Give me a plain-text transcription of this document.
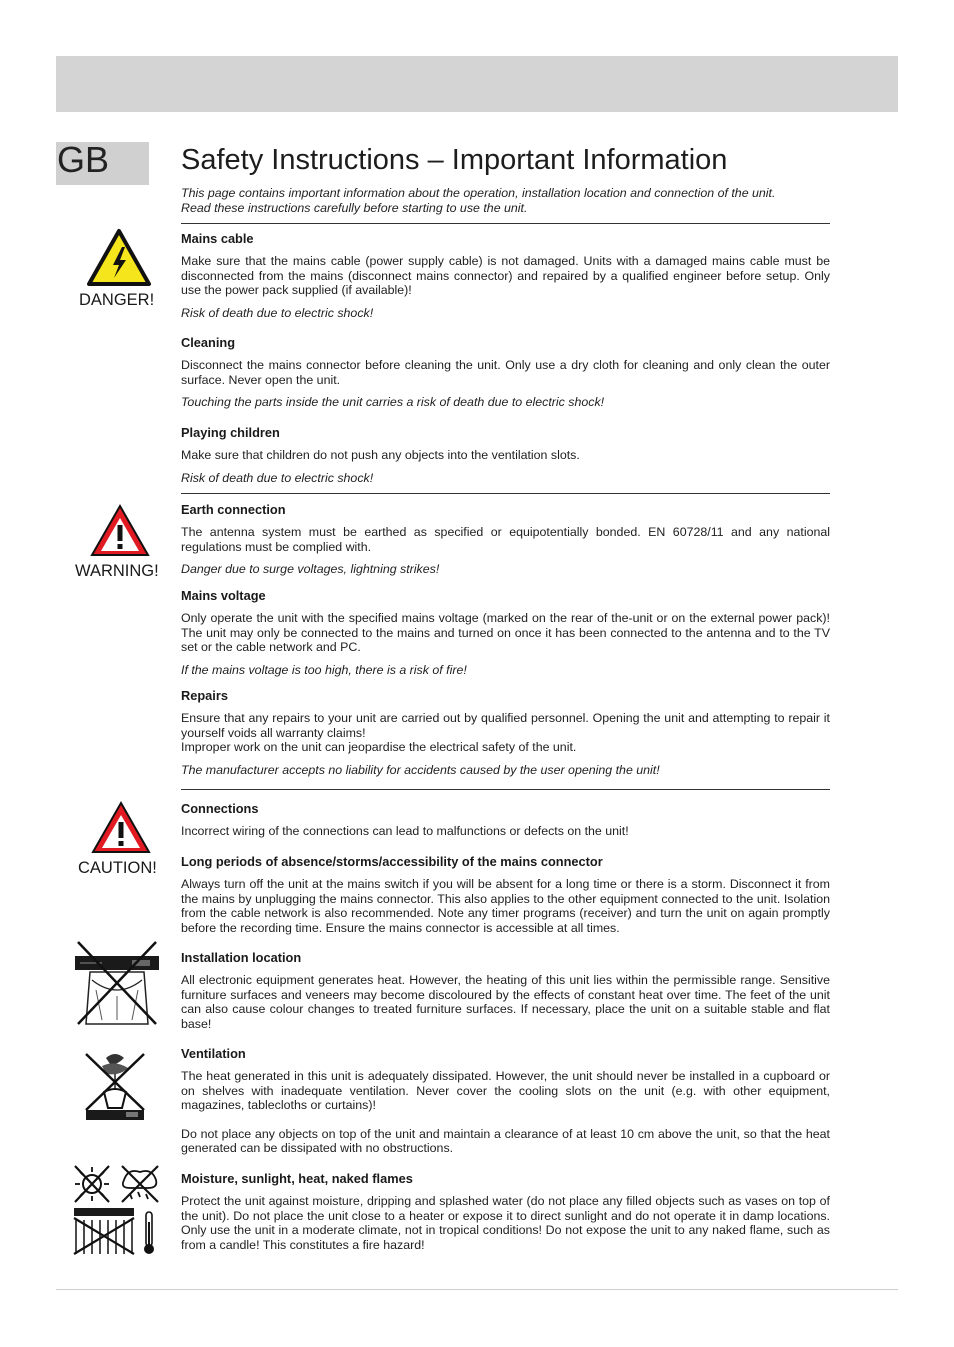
GB	Safety Instructions – Important Information
This page contains important information about the operation, installation location and connection of the unit.
Read these instructions carefully before starting to use the unit.
DANGER!
WARNING!
CAUTION!
Mains cable

Make sure that the mains cable (power supply cable) is not damaged. Units with a damaged mains cable must be disconnected from the mains (disconnect mains connector) and repaired by a qualified engineer before setup. Only use the power pack supplied (if available)!

Risk of death due to electric shock!

Cleaning

Disconnect the mains connector before cleaning the unit. Only use a dry cloth for cleaning and only clean the outer surface. Never open the unit.

Touching the parts inside the unit carries a risk of death due to electric shock!

Playing children

Make sure that children do not push any objects into the ventilation slots.

Risk of death due to electric shock!

Earth connection

The antenna system must be earthed as specified or equipotentially bonded. EN 60728/11 and any national regulations must be complied with.

Danger due to surge voltages, lightning strikes!

Mains voltage

Only operate the unit with the specified mains voltage (marked on the rear of the-unit or on the external power pack)! The unit may only be connected to the mains and turned on once it has been connected to the antenna and to the TV set or the cable network and PC.

If the mains voltage is too high, there is a risk of fire!

Repairs

Ensure that any repairs to your unit are carried out by qualified personnel. Opening the unit and attempting to repair it yourself voids all warranty claims!

Improper work on the unit can jeopardise the electrical safety of the unit.

The manufacturer accepts no liability for accidents caused by the user opening the unit!

Connections

Incorrect wiring of the connections can lead to malfunctions or defects on the unit!

Long periods of absence/storms/accessibility of the mains connector

Always turn off the unit at the mains switch if you will be absent for a long time or there is a storm. Disconnect it from the mains by unplugging the mains connector. This also applies to the other equipment connected to the unit. Isolation from the cable network is also recommended. Note any timer programs (receiver) and turn the unit on again promptly before the recording time. Ensure the mains connector is accessible at all times.

Installation location

All electronic equipment generates heat. However, the heating of this unit lies within the permissible range. Sensitive furniture surfaces and veneers may become discoloured by the effects of constant heat over time. The feet of the unit can also cause colour changes to treated furniture surfaces. If necessary, place the unit on a suitable stable and flat base!

Ventilation

The heat generated in this unit is adequately dissipated. However, the unit should never be installed in a cupboard or on shelves with inadequate ventilation. Never cover the cooling slots on the unit (e.g. with other equipment, magazines, tablecloths or curtains)!

Do not place any objects on top of the unit and maintain a clearance of at least 10 cm above the unit, so that the heat generated can be dissipated with no obstructions.

Moisture, sunlight, heat, naked flames

Protect the unit against moisture, dripping and splashed water (do not place any filled objects such as vases on top of the unit). Do not place the unit close to a heater or expose it to direct sunlight and do not operate it in damp locations. Only use the unit in a moderate climate, not in tropical conditions! Do not expose the unit to any naked flame, such as from a candle! This constitutes a fire hazard!
